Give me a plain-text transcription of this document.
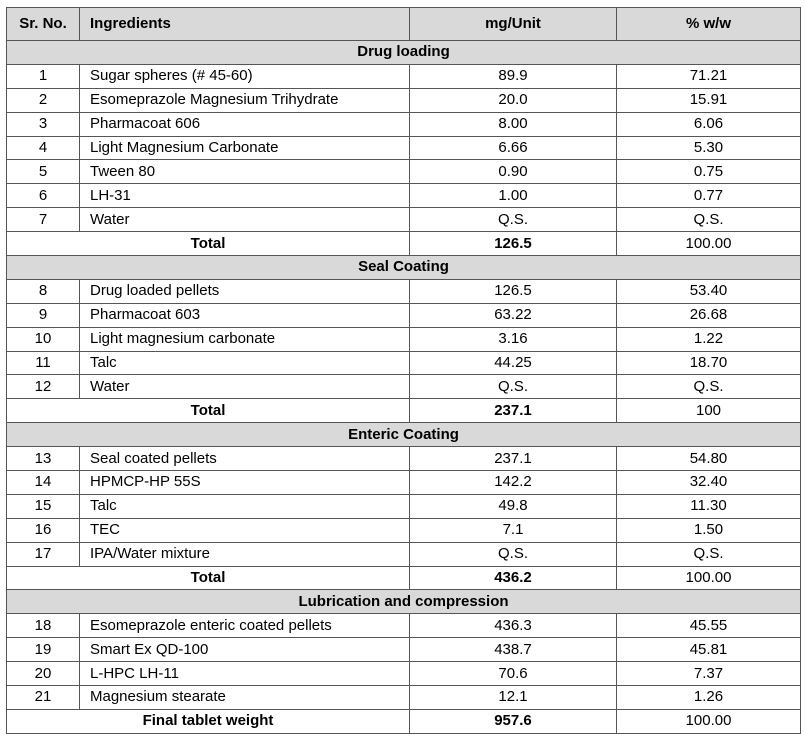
Sr. No.	Ingredients	mg/Unit	% w/w
Drug loading			
1	Sugar spheres (# 45-60)	89.9	71.21
2	Esomeprazole Magnesium Trihydrate	20.0	15.91
3	Pharmacoat 606	8.00	6.06
4	Light Magnesium Carbonate	6.66	5.30
5	Tween 80	0.90	0.75
6	LH-31	1.00	0.77
7	Water	Q.S.	Q.S.
Total		126.5	100.00
Seal Coating			
8	Drug loaded pellets	126.5	53.40
9	Pharmacoat 603	63.22	26.68
10	Light magnesium carbonate	3.16	1.22
11	Talc	44.25	18.70
12	Water	Q.S.	Q.S.
Total		237.1	100
Enteric Coating			
13	Seal coated pellets	237.1	54.80
14	HPMCP-HP 55S	142.2	32.40
15	Talc	49.8	11.30
16	TEC	7.1	1.50
17	IPA/Water mixture	Q.S.	Q.S.
Total		436.2	100.00
Lubrication and compression			
18	Esomeprazole enteric coated pellets	436.3	45.55
19	Smart Ex QD-100	438.7	45.81
20	L-HPC LH-11	70.6	7.37
21	Magnesium stearate	12.1	1.26
Final tablet weight		957.6	100.00
